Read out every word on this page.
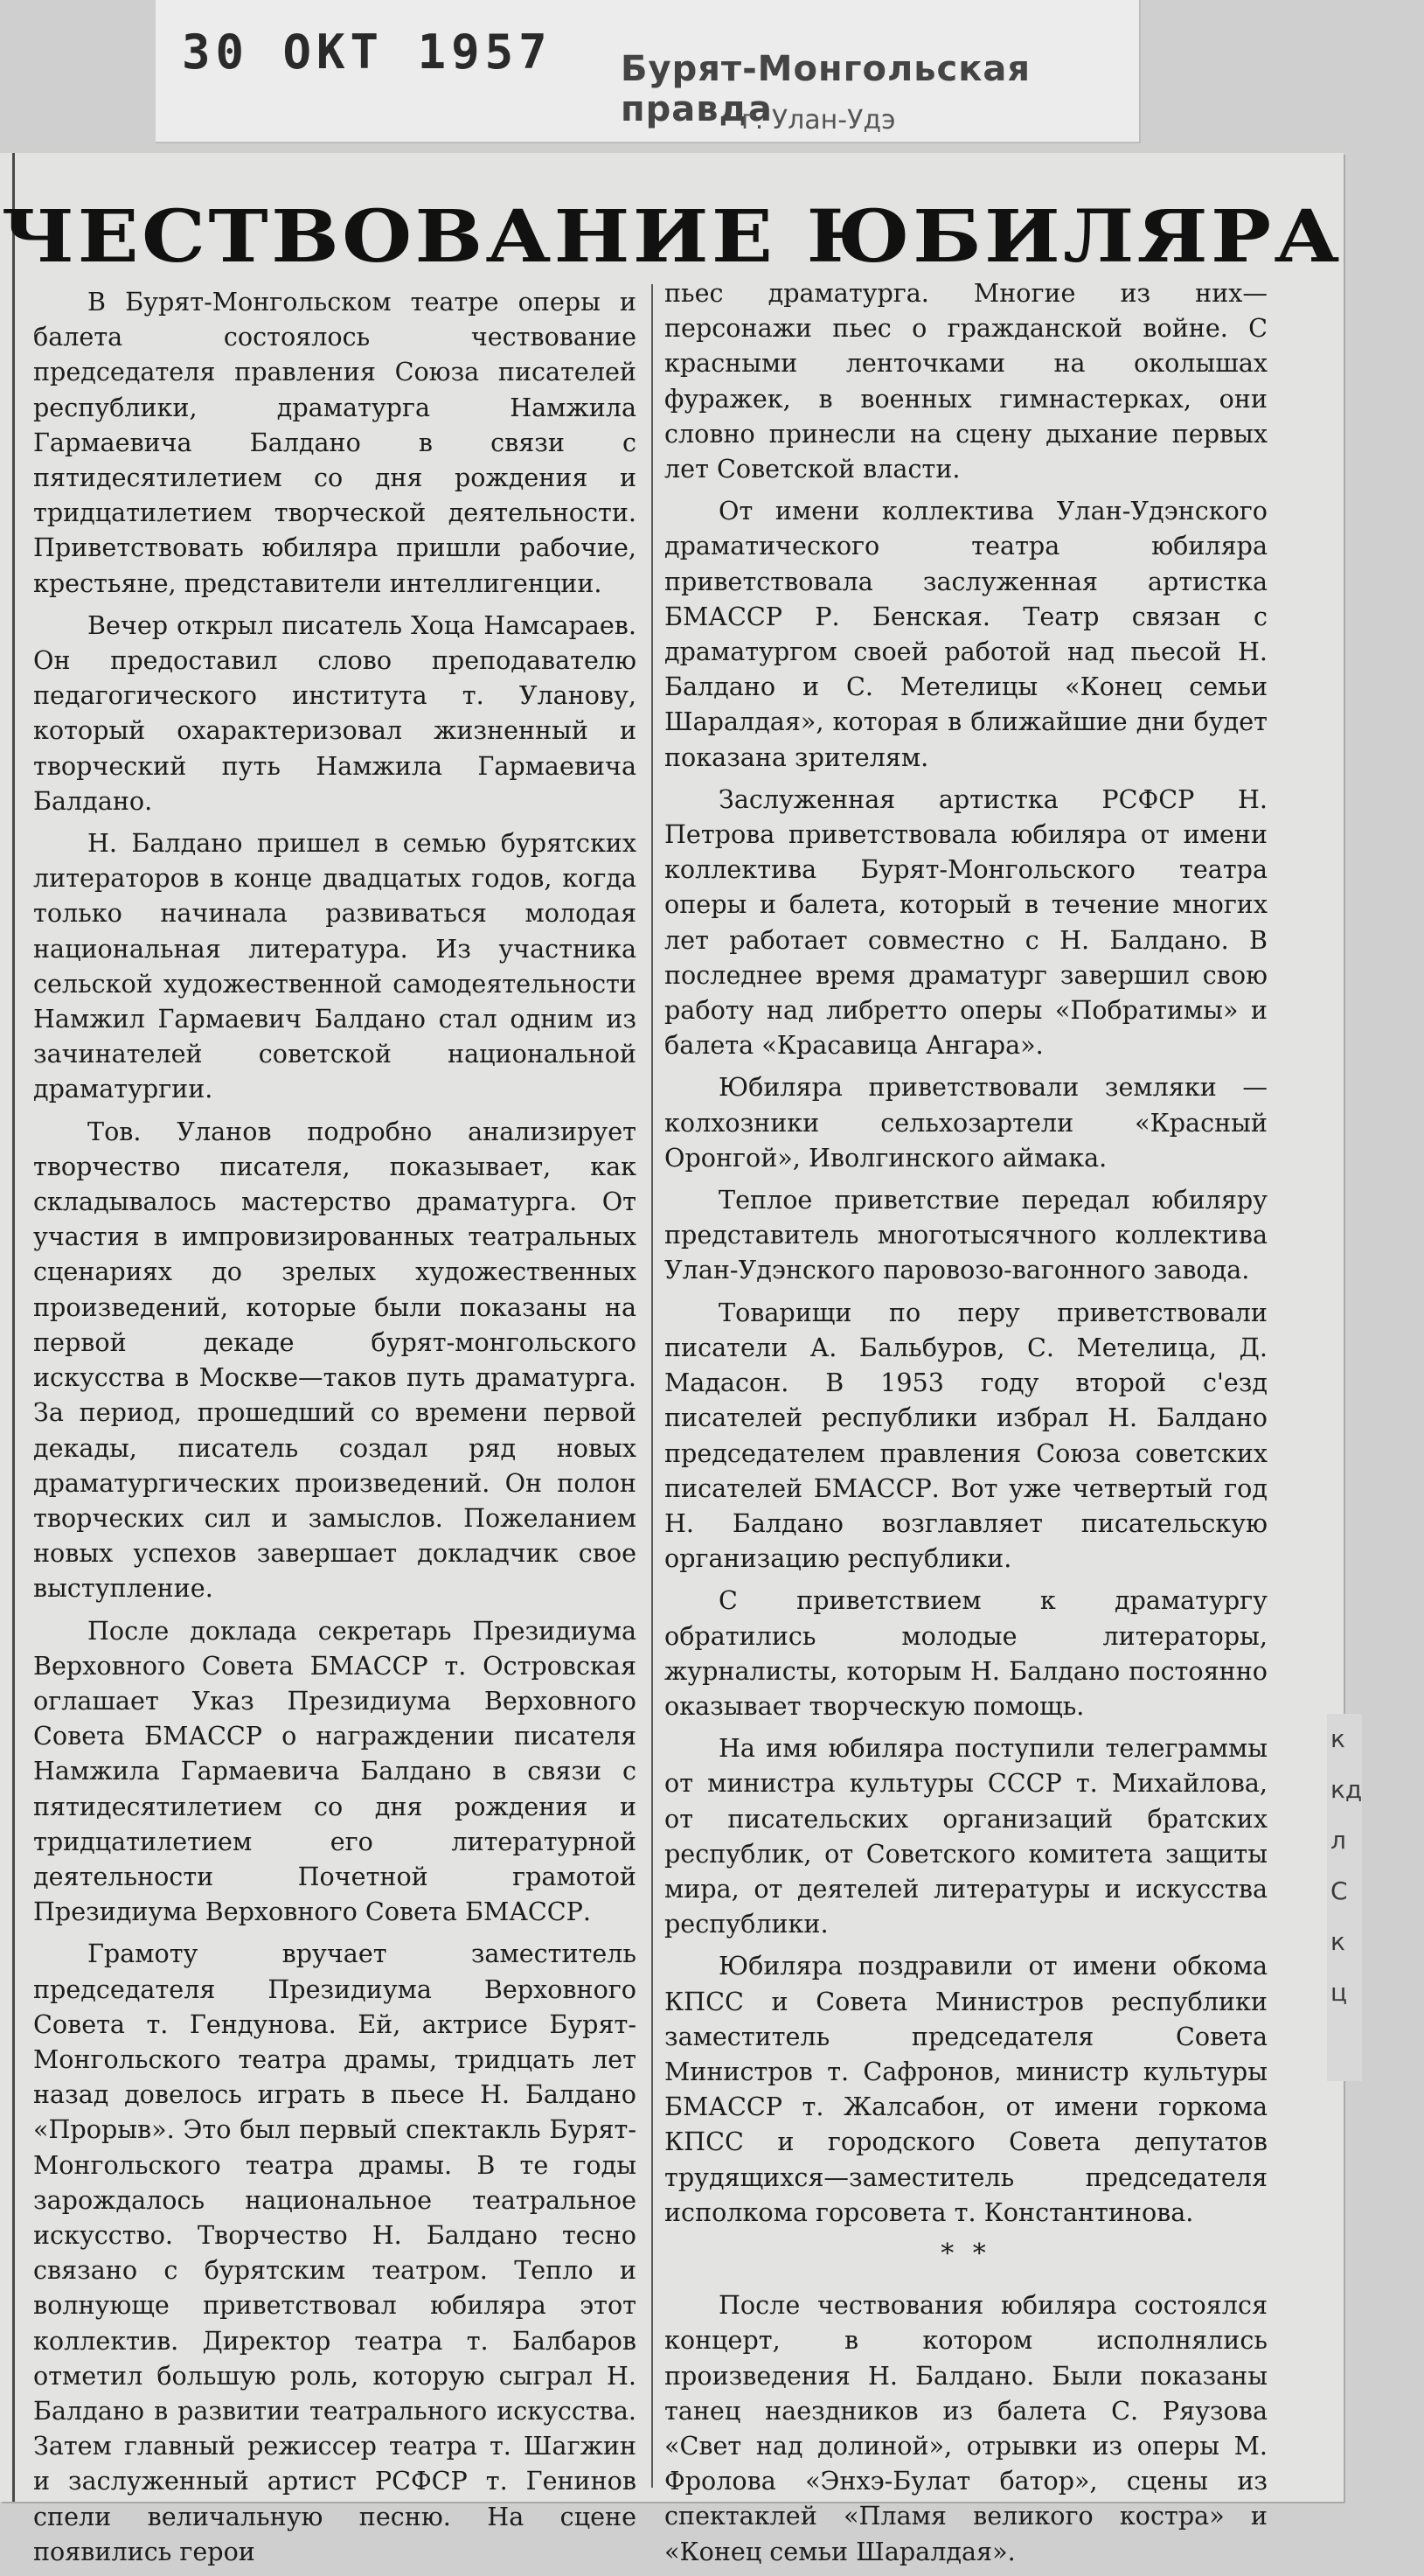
30 ОКТ 1957 Бурят-Монгольская правда
г. Улан-Удэ
ЧЕСТВОВАНИЕ ЮБИЛЯРА

В Бурят-Монгольском театре оперы и балета состоялось чествование председателя правления Союза писателей республики, драматурга Намжила Гармаевича Балдано в связи с пятидесятилетием со дня рождения и тридцатилетием творческой деятельности. Приветствовать юбиляра пришли рабочие, крестьяне, представители интеллигенции.

Вечер открыл писатель Хоца Намсараев. Он предоставил слово преподавателю педагогического института т. Уланову, который охарактеризовал жизненный и творческий путь Намжила Гармаевича Балдано.

Н. Балдано пришел в семью бурятских литераторов в конце двадцатых годов, когда только начинала развиваться молодая национальная литература. Из участника сельской художественной самодеятельности Намжил Гармаевич Балдано стал одним из зачинателей советской национальной драматургии.

Тов. Уланов подробно анализирует творчество писателя, показывает, как складывалось мастерство драматурга. От участия в импровизированных театральных сценариях до зрелых художественных произведений, которые были показаны на первой декаде бурят-монгольского искусства в Москве—таков путь драматурга. За период, прошедший со времени первой декады, писатель создал ряд новых драматургических произведений. Он полон творческих сил и замыслов. Пожеланием новых успехов завершает докладчик свое выступление.

После доклада секретарь Президиума Верховного Совета БМАССР т. Островская оглашает Указ Президиума Верховного Совета БМАССР о награждении писателя Намжила Гармаевича Балдано в связи с пятидесятилетием со дня рождения и тридцатилетием его литературной деятельности Почетной грамотой Президиума Верховного Совета БМАССР.

Грамоту вручает заместитель председателя Президиума Верховного Совета т. Гендунова. Ей, актрисе Бурят-Монгольского театра драмы, тридцать лет назад довелось играть в пьесе Н. Балдано «Прорыв». Это был первый спектакль Бурят-Монгольского театра драмы. В те годы зарождалось национальное театральное искусство. Творчество Н. Балдано тесно связано с бурятским театром. Тепло и волнующе приветствовал юбиляра этот коллектив. Директор театра т. Балбаров отметил большую роль, которую сыграл Н. Балдано в развитии театрального искусства. Затем главный режиссер театра т. Шагжин и заслуженный артист РСФСР т. Генинов спели величальную песню. На сцене появились герои

пьес драматурга. Многие из них—персонажи пьес о гражданской войне. С красными ленточками на околышах фуражек, в военных гимнастерках, они словно принесли на сцену дыхание первых лет Советской власти.

От имени коллектива Улан-Удэнского драматического театра юбиляра приветствовала заслуженная артистка БМАССР Р. Бенская. Театр связан с драматургом своей работой над пьесой Н. Балдано и С. Метелицы «Конец семьи Шаралдая», которая в ближайшие дни будет показана зрителям.

Заслуженная артистка РСФСР Н. Петрова приветствовала юбиляра от имени коллектива Бурят-Монгольского театра оперы и балета, который в течение многих лет работает совместно с Н. Балдано. В последнее время драматург завершил свою работу над либретто оперы «Побратимы» и балета «Красавица Ангара».

Юбиляра приветствовали земляки — колхозники сельхозартели «Красный Оронгой», Иволгинского аймака.

Теплое приветствие передал юбиляру представитель многотысячного коллектива Улан-Удэнского паровозо-вагонного завода.

Товарищи по перу приветствовали писатели А. Бальбуров, С. Метелица, Д. Мадасон. В 1953 году второй с'езд писателей республики избрал Н. Балдано председателем правления Союза советских писателей БМАССР. Вот уже четвертый год Н. Балдано возглавляет писательскую организацию республики.

С приветствием к драматургу обратились молодые литераторы, журналисты, которым Н. Балдано постоянно оказывает творческую помощь.

На имя юбиляра поступили телеграммы от министра культуры СССР т. Михайлова, от писательских организаций братских республик, от Советского комитета защиты мира, от деятелей литературы и искусства республики.

Юбиляра поздравили от имени обкома КПСС и Совета Министров республики заместитель председателя Совета Министров т. Сафронов, министр культуры БМАССР т. Жалсабон, от имени горкома КПСС и городского Совета депутатов трудящихся—заместитель председателя исполкома горсовета т. Константинова.

* *

После чествования юбиляра состоялся концерт, в котором исполнялись произведения Н. Балдано. Были показаны танец наездников из балета С. Ряузова «Свет над долиной», отрывки из оперы М. Фролова «Энхэ-Булат батор», сцены из спектаклей «Пламя великого костра» и «Конец семьи Шаралдая».

к кд л С к ц
